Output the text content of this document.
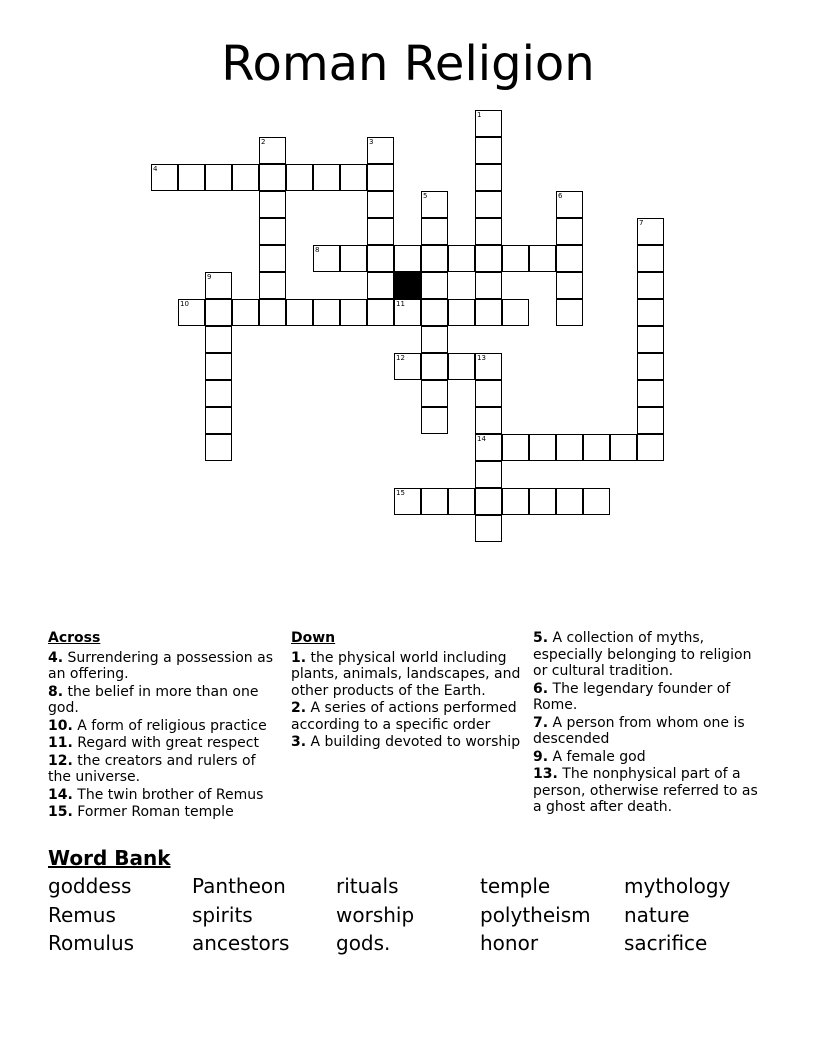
Roman Religion
1
2	3
4
5	6
7
8
9
10	11
12	13
14
15
Across
4. Surrendering a possession as an offering.
8. the belief in more than one god.
10. A form of religious practice
11. Regard with great respect
12. the creators and rulers of the universe.
14. The twin brother of Remus
15. Former Roman temple
Down
1. the physical world including plants, animals, landscapes, and other products of the Earth.
2. A series of actions performed according to a specific order
3. A building devoted to worship
5. A collection of myths, especially belonging to religion or cultural tradition.
6. The legendary founder of Rome.
7. A person from whom one is descended
9. A female god
13. The nonphysical part of a person, otherwise referred to as a ghost after death.
Word Bank
goddess	Pantheon	rituals	temple	mythology
Remus	spirits	worship	polytheism	nature
Romulus	ancestors	gods.	honor	sacrifice
